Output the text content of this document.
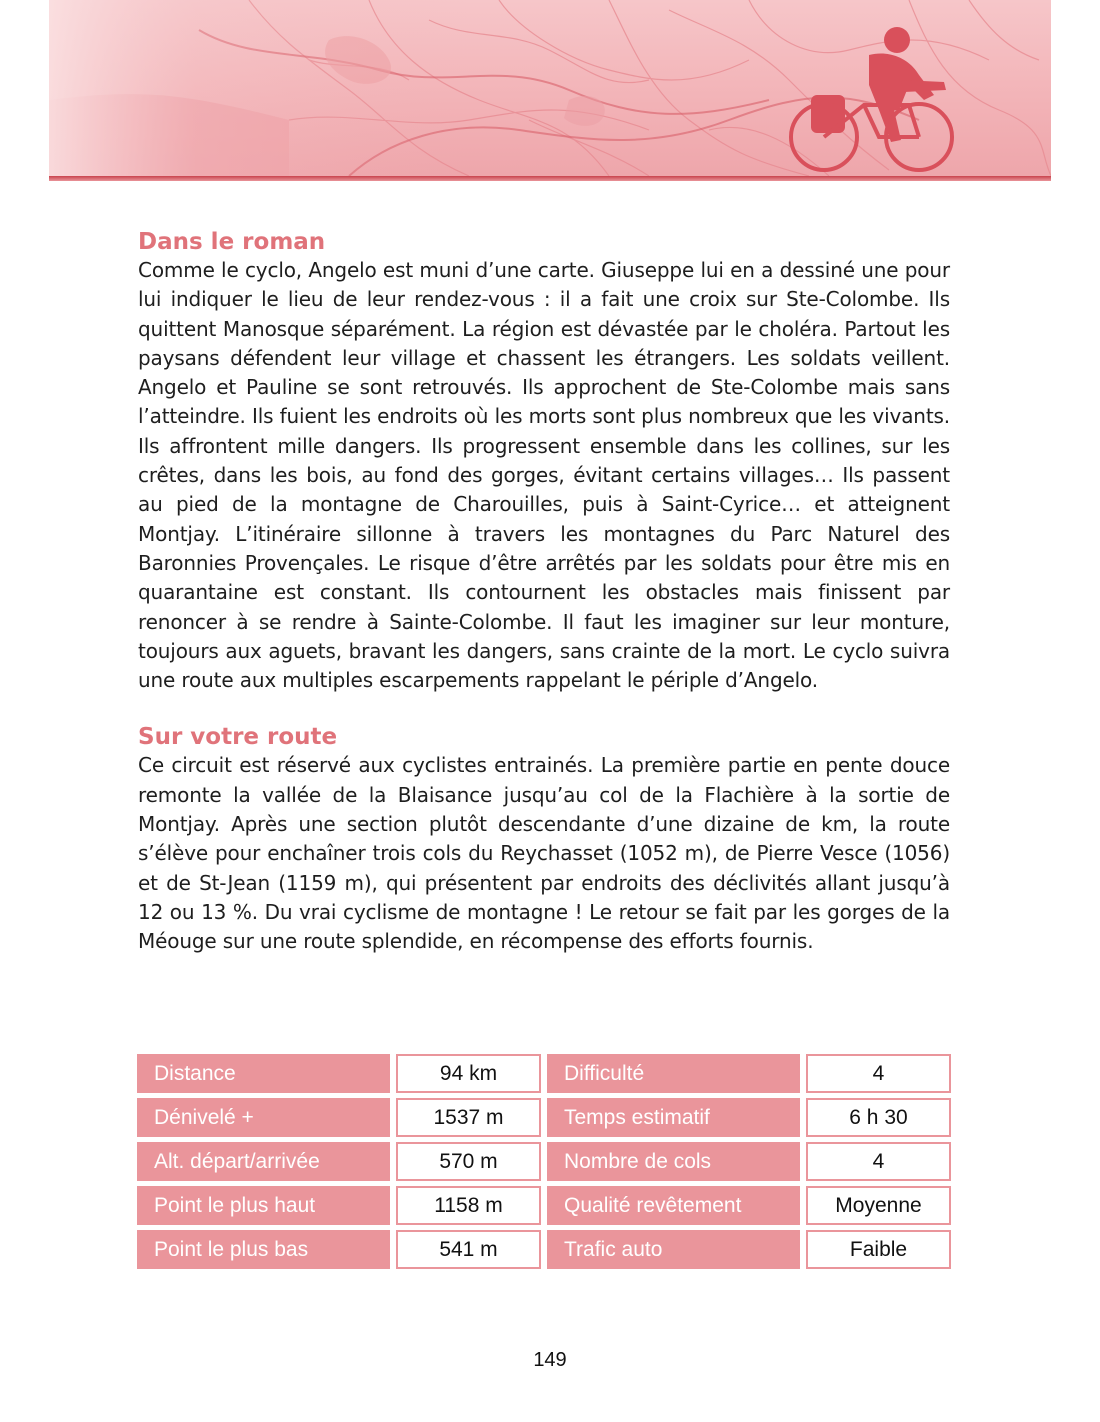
Dans le roman

Comme le cyclo, Angelo est muni d’une carte. Giuseppe lui en a dessiné une pour lui indiquer le lieu de leur rendez-vous : il a fait une croix sur Ste-Colombe. Ils quittent Manosque séparément. La région est dévastée par le choléra. Partout les paysans défendent leur village et chassent les étrangers. Les soldats veillent. Angelo et Pauline se sont retrouvés. Ils approchent de Ste-Colombe mais sans l’atteindre. Ils fuient les endroits où les morts sont plus nombreux que les vivants. Ils affrontent mille dangers. Ils progressent ensemble dans les collines, sur les crêtes, dans les bois, au fond des gorges, évitant certains villages… Ils passent au pied de la montagne de Charouilles, puis à Saint-Cyrice… et atteignent Montjay. L’itinéraire sillonne à travers les montagnes du Parc Naturel des Baronnies Provençales. Le risque d’être arrêtés par les soldats pour être mis en quarantaine est constant. Ils contournent les obstacles mais finissent par renoncer à se rendre à Sainte-Colombe. Il faut les imaginer sur leur monture, toujours aux aguets, bravant les dangers, sans crainte de la mort. Le cyclo suivra une route aux multiples escarpements rappelant le périple d’Angelo.

Sur votre route

Ce circuit est réservé aux cyclistes entrainés. La première partie en pente douce remonte la vallée de la Blaisance jusqu’au col de la Flachière à la sortie de Montjay. Après une section plutôt descendante d’une dizaine de km, la route s’élève pour enchaîner trois cols du Reychasset (1052 m), de Pierre Vesce (1056) et de St-Jean (1159 m), qui présentent par endroits des déclivités allant jusqu’à 12 ou 13 %. Du vrai cyclisme de montagne ! Le retour se fait par les gorges de la Méouge sur une route splendide, en récompense des efforts fournis.

Distance	94 km	Difficulté	4
Dénivelé +	1537 m	Temps estimatif	6 h 30
Alt. départ/arrivée	570 m	Nombre de cols	4
Point le plus haut	1158 m	Qualité revêtement	Moyenne
Point le plus bas	541 m	Trafic auto	Faible
149
